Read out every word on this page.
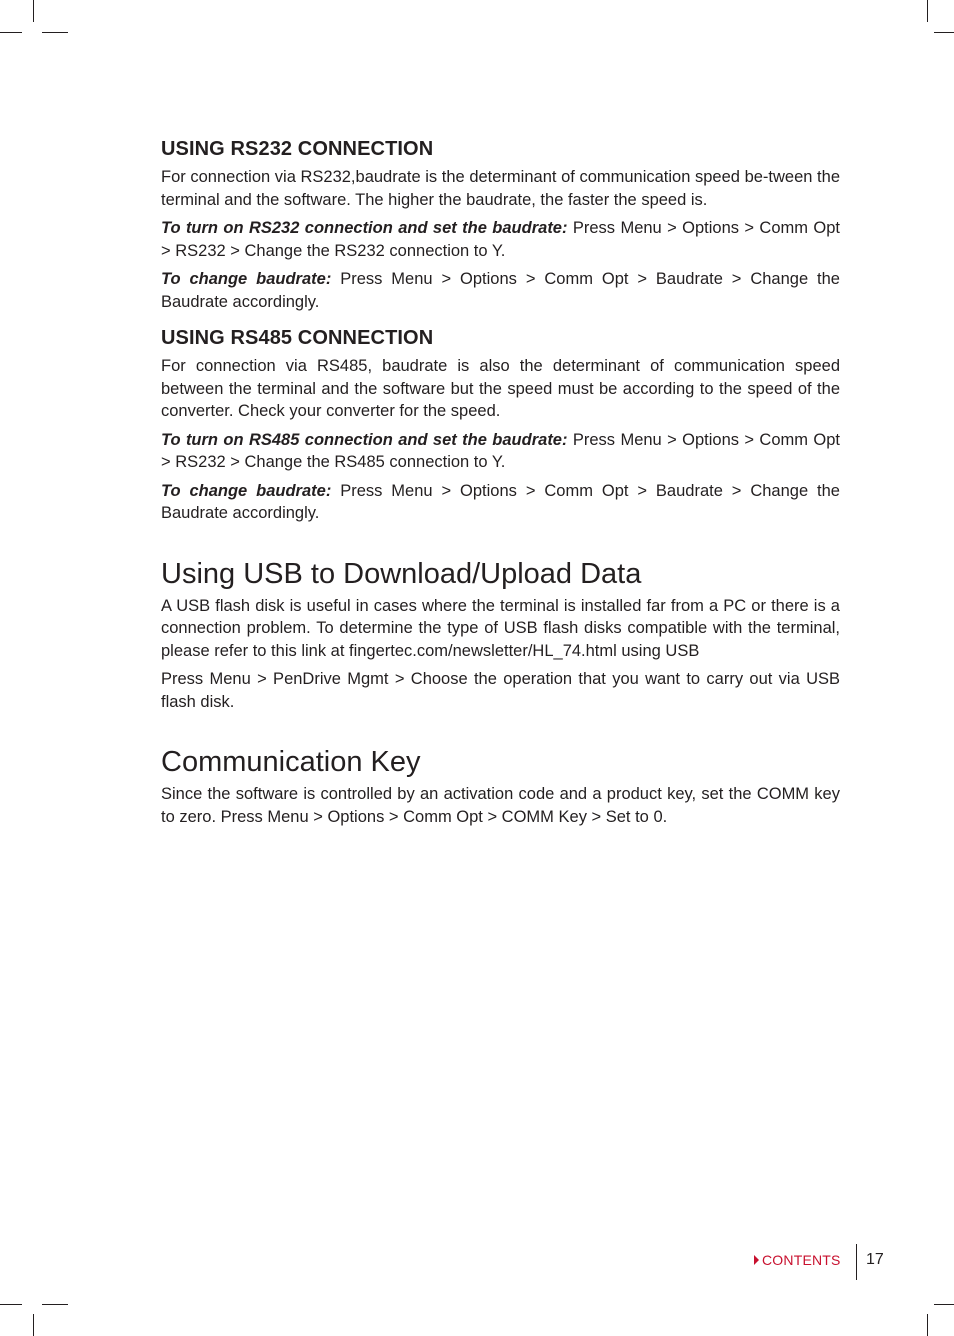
USING RS232 CONNECTION

For connection via RS232,baudrate is the determinant of communication speed be-tween the terminal and the software. The higher the baudrate, the faster the speed is.

To turn on RS232 connection and set the baudrate: Press Menu > Options > Comm Opt > RS232 > Change the RS232 connection to Y.

To change baudrate: Press Menu > Options > Comm Opt > Baudrate > Change the Baudrate accordingly.

USING RS485 CONNECTION

For connection via RS485, baudrate is also the determinant of communication speed between the terminal and the software but the speed must be according to the speed of the converter. Check your converter for the speed.

To turn on RS485 connection and set the baudrate: Press Menu > Options > Comm Opt > RS232 > Change the RS485 connection to Y.

To change baudrate: Press Menu > Options > Comm Opt > Baudrate > Change the Baudrate accordingly.

Using USB to Download/Upload Data

A USB flash disk is useful in cases where the terminal is installed far from a PC or there is a connection problem. To determine the type of USB flash disks compatible with the terminal, please refer to this link at fingertec.com/newsletter/HL_74.html using USB

Press Menu > PenDrive Mgmt > Choose the operation that you want to carry out via USB flash disk.

Communication Key

Since the software is controlled by an activation code and a product key, set the COMM key to zero. Press Menu > Options > Comm Opt > COMM Key > Set to 0.

CONTENTS 17
